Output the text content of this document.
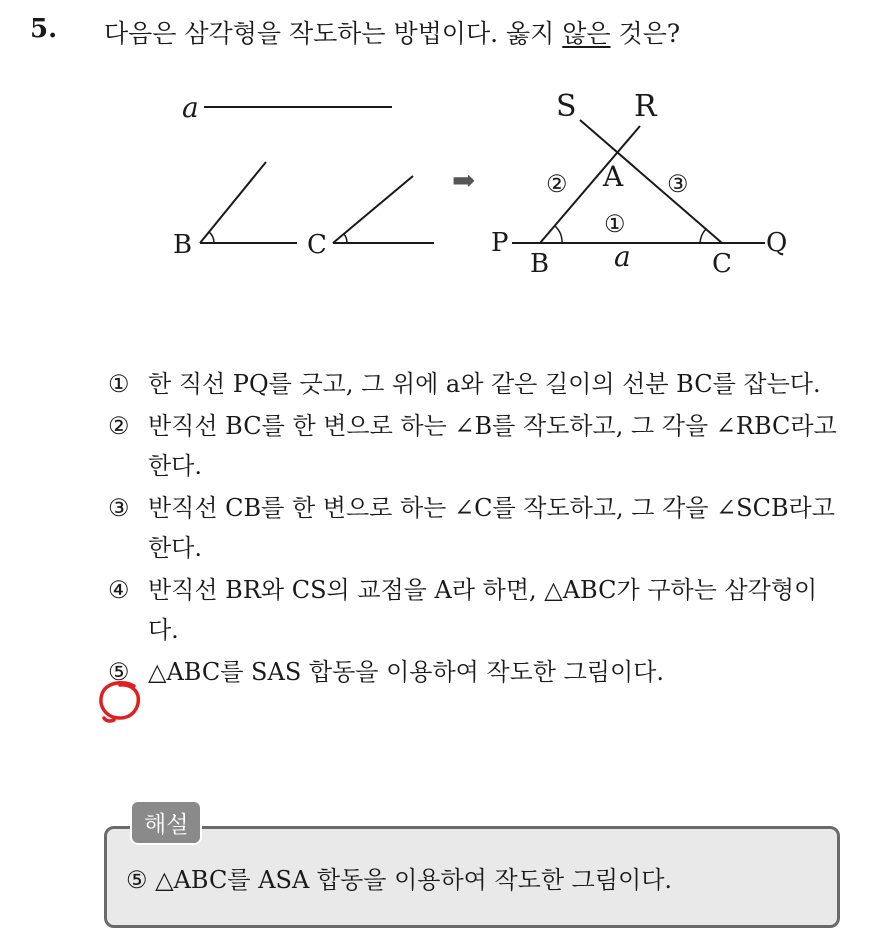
5. 다음은 삼각형을 작도하는 방법이다. 옳지 않은 것은?
a
B	C
➡
S R
A
②	③
①
P	Q
B a	C
① 한 직선 PQ를 긋고, 그 위에 a와 같은 길이의 선분 BC를 잡는다.
② 반직선 BC를 한 변으로 하는 ∠B를 작도하고, 그 각을 ∠RBC라고 한다.
③ 반직선 CB를 한 변으로 하는 ∠C를 작도하고, 그 각을 ∠SCB라고 한다.
④ 반직선 BR와 CS의 교점을 A라 하면, △ABC가 구하는 삼각형이다.
⑤ △ABC를 SAS 합동을 이용하여 작도한 그림이다.
해설
⑤ △ABC를 ASA 합동을 이용하여 작도한 그림이다.
